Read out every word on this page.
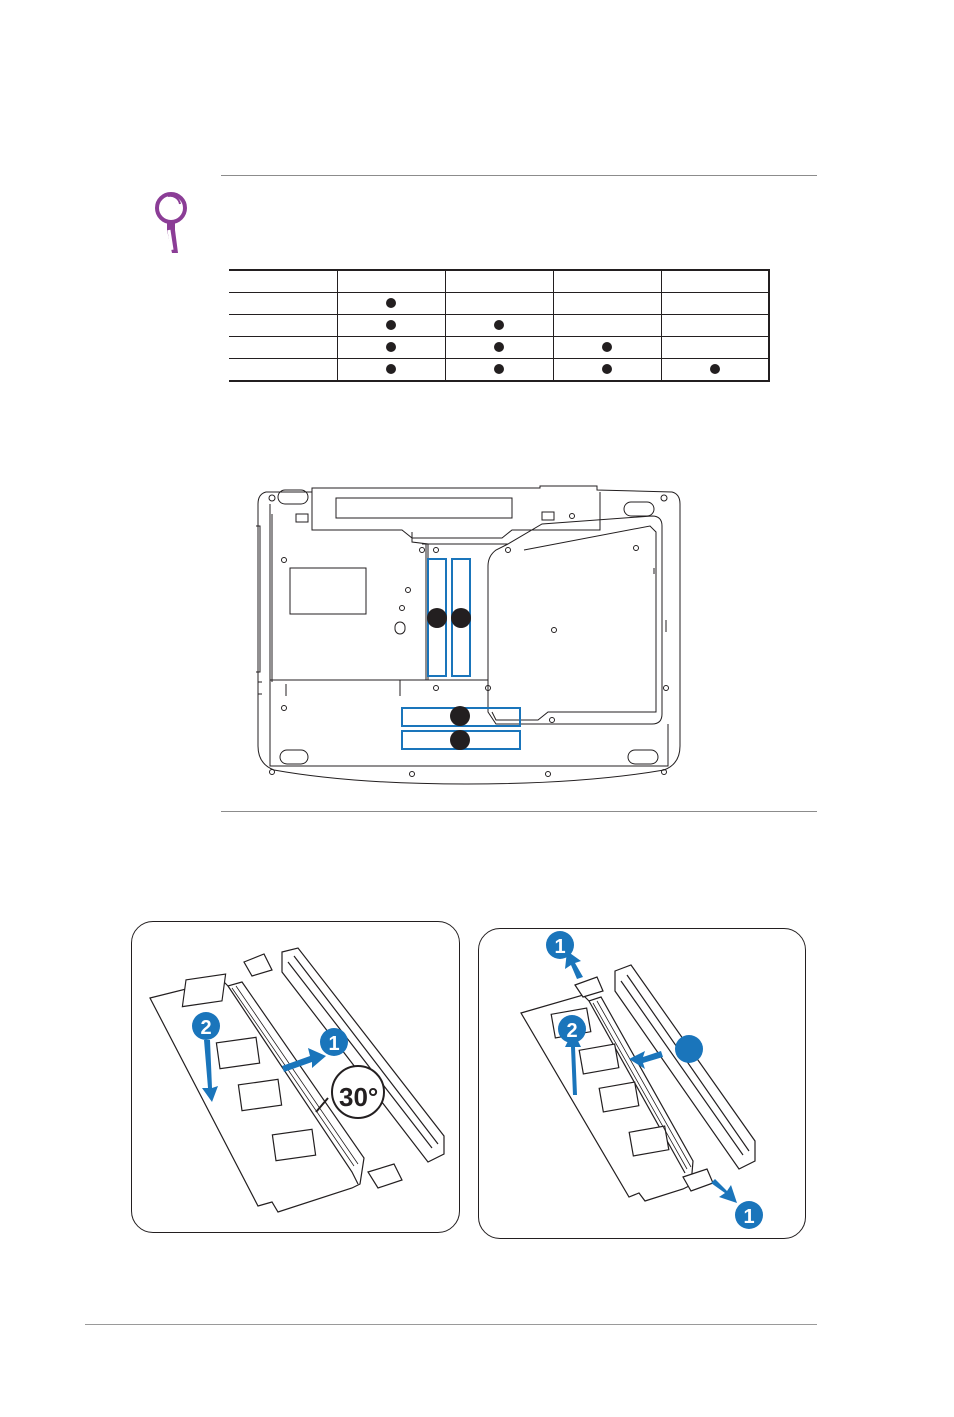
30°
1
2
1
2
1
